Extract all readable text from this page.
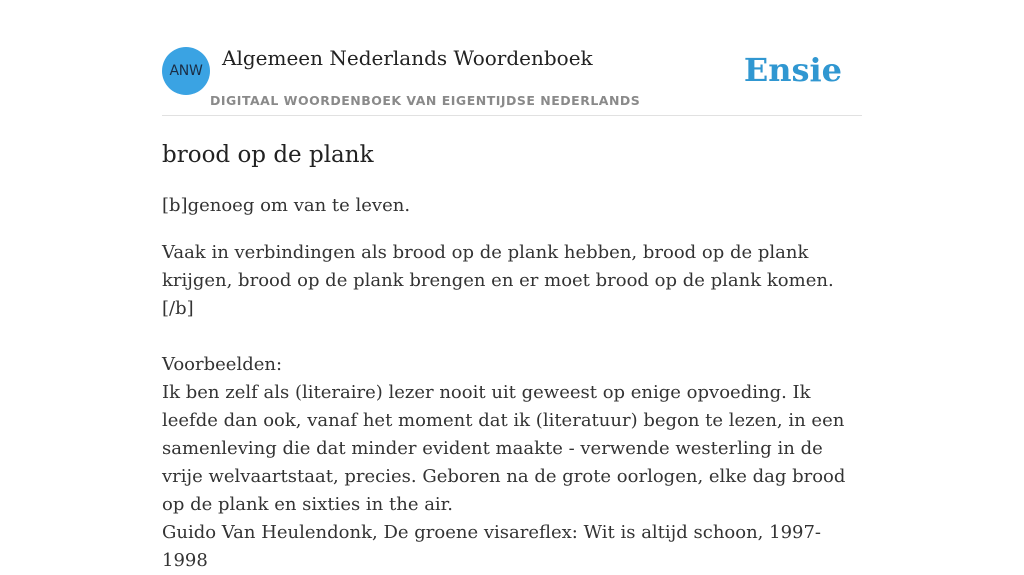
ANW
Algemeen Nederlands Woordenboek
DIGITAAL WOORDENBOEK VAN EIGENTIJDSE NEDERLANDS
Ensie
brood op de plank
[b]genoeg om van te leven.

Vaak in verbindingen als brood op de plank hebben, brood op de plank krijgen, brood op de plank brengen en er moet brood op de plank komen.[/b]

Voorbeelden:

Ik ben zelf als (literaire) lezer nooit uit geweest op enige opvoeding. Ik leefde dan ook, vanaf het moment dat ik (literatuur) begon te lezen, in een samenleving die dat minder evident maakte - verwende westerling in de vrije welvaartstaat, precies. Geboren na de grote oorlogen, elke dag brood op de plank en sixties in the air.

Guido Van Heulendonk, De groene visareflex: Wit is altijd schoon, 1997-1998
